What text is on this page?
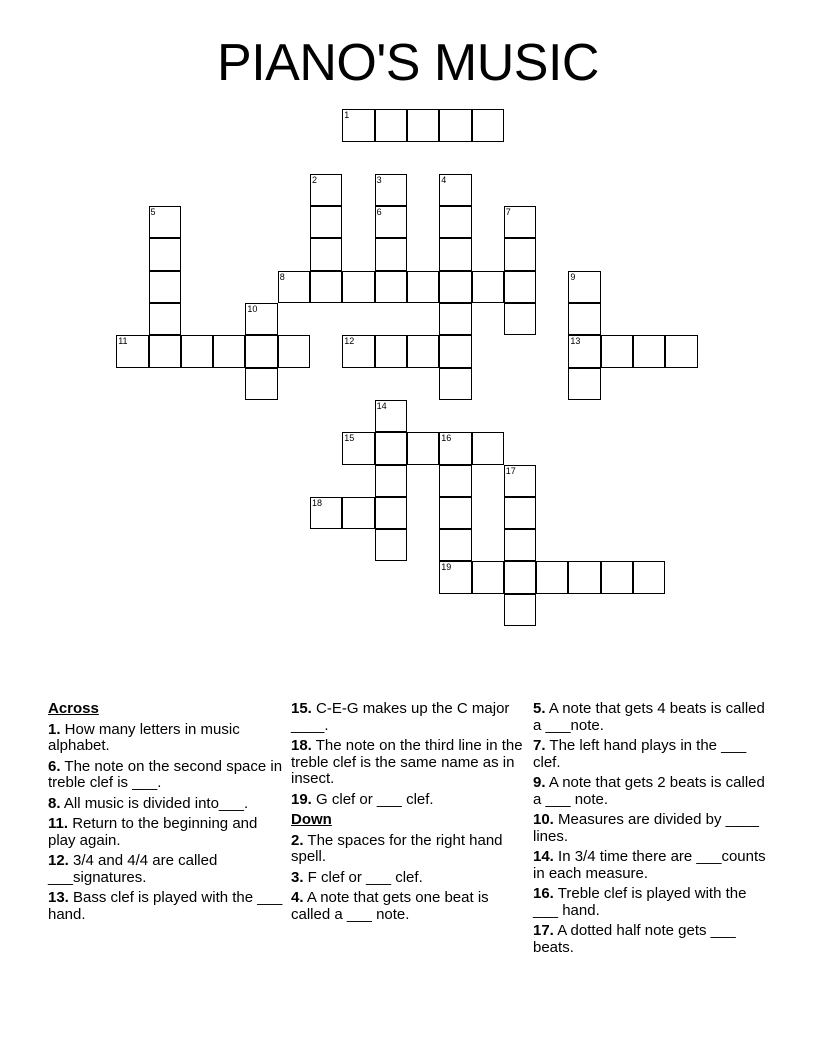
PIANO'S MUSIC
1
2	3	4
5	6	7
8	9
10
11	12	13
14
15	16
17
18
19
Across
1. How many letters in music alphabet.
6. The note on the second space in treble clef is ___.
8. All music is divided into___.
11. Return to the beginning and play again.
12. 3/4 and 4/4 are called ___signatures.
13. Bass clef is played with the ___ hand.
15. C-E-G makes up the C major ____.
18. The note on the third line in the treble clef is the same name as in insect.
19. G clef or ___ clef.
Down
2. The spaces for the right hand spell.
3. F clef or ___ clef.
4. A note that gets one beat is called a ___ note.
5. A note that gets 4 beats is called a ___note.
7. The left hand plays in the ___ clef.
9. A note that gets 2 beats is called a ___ note.
10. Measures are divided by ____ lines.
14. In 3/4 time there are ___counts in each measure.
16. Treble clef is played with the ___ hand.
17. A dotted half note gets ___ beats.
